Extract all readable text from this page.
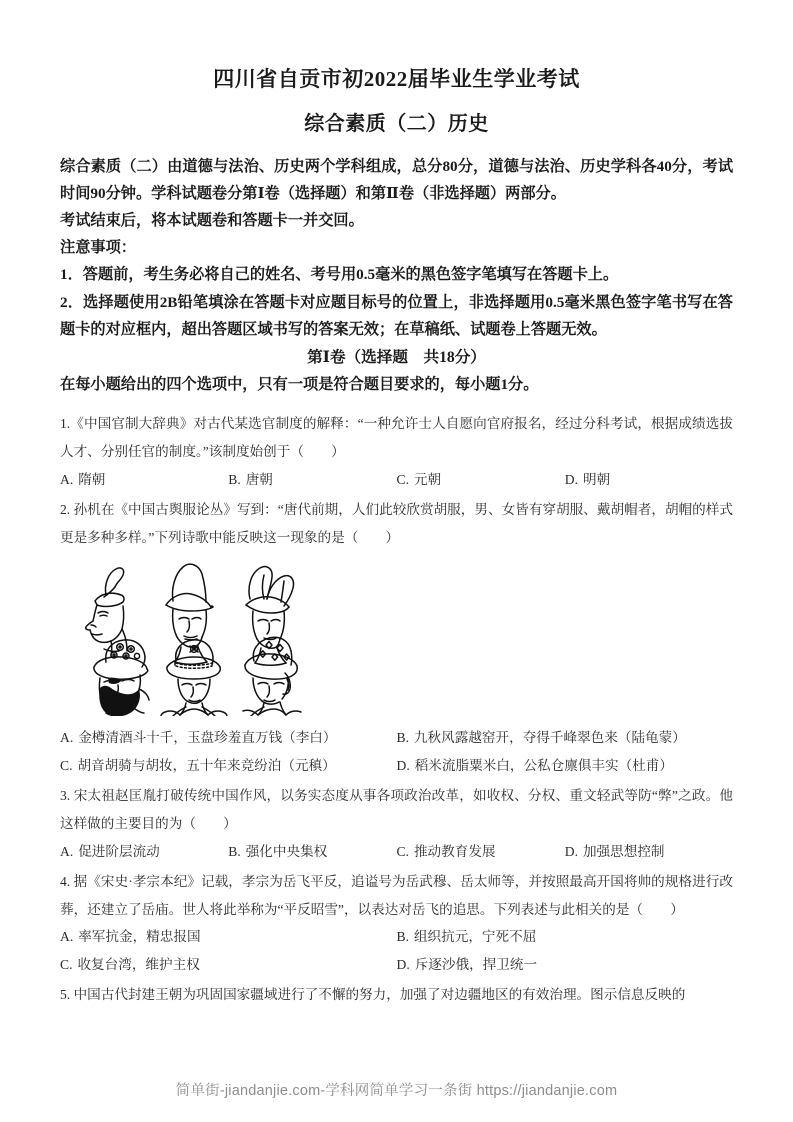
四川省自贡市初2022届毕业生学业考试
综合素质（二）历史

综合素质（二）由道德与法治、历史两个学科组成，总分80分，道德与法治、历史学科各40分，考试时间90分钟。学科试题卷分第Ⅰ卷（选择题）和第Ⅱ卷（非选择题）两部分。

考试结束后，将本试题卷和答题卡一并交回。

注意事项：
1．答题前，考生务必将自己的姓名、考号用0.5毫米的黑色签字笔填写在答题卡上。
2．选择题使用2B铅笔填涂在答题卡对应题目标号的位置上，非选择题用0.5毫米黑色签字笔书写在答题卡的对应框内，超出答题区域书写的答案无效；在草稿纸、试题卷上答题无效。
第Ⅰ卷（选择题　共18分）
在每小题给出的四个选项中，只有一项是符合题目要求的，每小题1分。

1.《中国官制大辞典》对古代某选官制度的解释：“一种允许士人自愿向官府报名，经过分科考试，根据成绩选拔人才、分别任官的制度。”该制度始创于（　　）

A. 隋朝	B. 唐朝	C. 元朝	D. 明朝

2. 孙机在《中国古舆服论丛》写到：“唐代前期，人们此较欣赏胡服，男、女皆有穿胡服、戴胡帽者，胡帽的样式更是多种多样。”下列诗歌中能反映这一现象的是（　　）

A. 金樽清酒斗十千，玉盘珍羞直万钱（李白）	B. 九秋风露越窑开，夺得千峰翠色来（陆龟蒙）
C. 胡音胡骑与胡妆，五十年来竞纷泊（元稹）	D. 稻米流脂粟米白，公私仓廪俱丰实（杜甫）

3. 宋太祖赵匡胤打破传统中国作风，以务实态度从事各项政治改革，如收权、分权、重文轻武等防“弊”之政。他这样做的主要目的为（　　）

A. 促进阶层流动	B. 强化中央集权	C. 推动教育发展	D. 加强思想控制

4. 据《宋史·孝宗本纪》记载，孝宗为岳飞平反，追谥号为岳武穆、岳太师等，并按照最高开国将帅的规格进行改葬，还建立了岳庙。世人将此举称为“平反昭雪”，以表达对岳飞的追思。下列表述与此相关的是（　　）

A. 率军抗金，精忠报国	B. 组织抗元，宁死不屈
C. 收复台湾，维护主权	D. 斥逐沙俄，捍卫统一

5. 中国古代封建王朝为巩固国家疆域进行了不懈的努力，加强了对边疆地区的有效治理。图示信息反映的

简单街-jiandanjie.com-学科网简单学习一条街 https://jiandanjie.com
